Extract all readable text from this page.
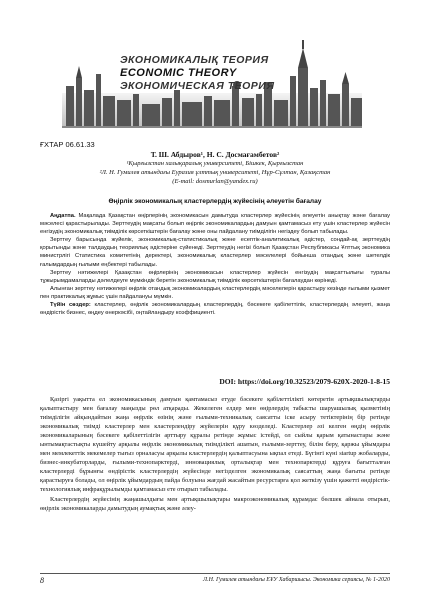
ЭКОНОМИКАЛЫҚ ТЕОРИЯ
ECONOMIC THEORY
ЭКОНОМИЧЕСКАЯ ТЕОРИЯ
ҒХТАР 06.61.33
Т. Ш. Абдыров¹, Н. С. Досмағамбетов²
¹Қырғызстан халықаралық университеті, Бішкек, Қырғызстан
²Л. Н. Гумилев атындағы Еуразия ұлттық университеті, Нұр-Сұлтан, Қазақстан
(E-mail: dosmurlan@yandex.ru)
Өңірлік экономикалық кластерлердің жүйесінің әлеуетін бағалау

Аңдатпа. Мақалада Қазақстан өңірлерінің экономикасын дамытуда кластерлер жүйесінің әлеуетін анықтау және бағалау мәселесі қарастырылады. Зерттеудің мақсаты болып өңірлік экономикалардың дамуын қамтамасыз ету үшін кластерлер жүйесін енгізудің экономикалық тиімділік көрсеткіштерін бағалау және оны пайдалану тиімділігін негіздеу болып табылады.

Зерттеу барысында жүйелік, экономикалық-статистикалық және есептік-аналитикалық әдістер, сондай-ақ зерттеудің қорытынды және талдаудың теориялық әдістеріне сүйенеді. Зерттеудің негізі болып Қазақстан Республикасы Ұлттық экономика министрлігі Статистика комитетінің деректері, экономикалық кластерлер мәселелері бойынша отандық және шетелдік ғалымдардың ғылыми еңбектері табылады.

Зерттеу нәтижелері Қазақстан өңірлерінің экономикасын кластерлер жүйесін енгізудің мақсаттылығы туралы тұжырымдамаларды дәлелдеуге мүмкіндік беретін экономикалық тиімділік көрсеткіштерін бағалаудан көрінеді.

Алынған зерттеу нәтижелері өңірлік отандық экономикалардың кластерлердің мәселелерін қарастыру кезінде ғылыми қызмет пен практикалық жұмыс үшін пайдалануы мүмкін.

Түйін сөздер: кластерлер, өңірлік экономикалардың кластерлердің, бәсекеге қабілеттілік, кластерлердің әлеуеті, жаңа өндірістік бизнес, өңдеу өнеркәсібі, оңтайландыру коэффициенті.

DOI: https://doi.org/10.32523/2079-620X-2020-1-8-15

Қазіргі уақытта ел экономикасының дамуын қамтамасыз етуде бәсекеге қабілеттілікті көтеретін артықшылықтарды қалыптастыру мен бағалау маңызды рөл атқарады. Жекелеген елдер мен өңірлердің табысты шаруашылық қызметінің тиімділігін айқындайтын жаңа өңірлік өзінің және ғылыми-техникалық саясатты іске асыру тетіктерінің бір ретінде экономикалық тиімді кластерлер мен кластерлендіру жүйелерін құру көзделеді. Кластерлер әзі келген өңдің өңірлік экономикаларының бәсекеге қабілеттілігін арттыру құралы ретінде жұмыс істейді, ол сыйлы қарым қатынастары және ынтымақтастықты күшейту арқылы өңірлік экономикалық тиімділікті ашатын, ғылыми-зерттеу, білім беру, қаржы ұйымдары мен мемлекеттік мекемелер тығыз орналасуы арқылы кластерлердің қалыптасуына ықпал етеді. Бүгінгі күні startup жобаларды, бизнес-инкубаторларды, ғылыми-технопарктерді, инновациялық орталықтар мен технопарктерді құруға бағытталған кластерлерді бұрынғы өндірістік кластерлердің жүйесінде негізделген экономикалық саясаттың жаңа бағыты ретінде қарастыруға болады, ол өңірлік ұйымдардың пайда болуына жағдай жасайтын ресурстарға қол жеткізу үшін қажетті өндірістік-технологиялық инфрақұрылымды қамтамасыз ете отырып табылады.

Кластерлердің жүйесінің жаңашылдығы мен артықшылықтары макроэкономикалық құрамдас бөлшек айнала отырып, өңірлік экономикаларды дамытудың аумақтық және әлеу-

8	Л.Н. Гумилев атындағы ЕҰУ Хабаршысы. Экономика сериясы, № 1-2020
